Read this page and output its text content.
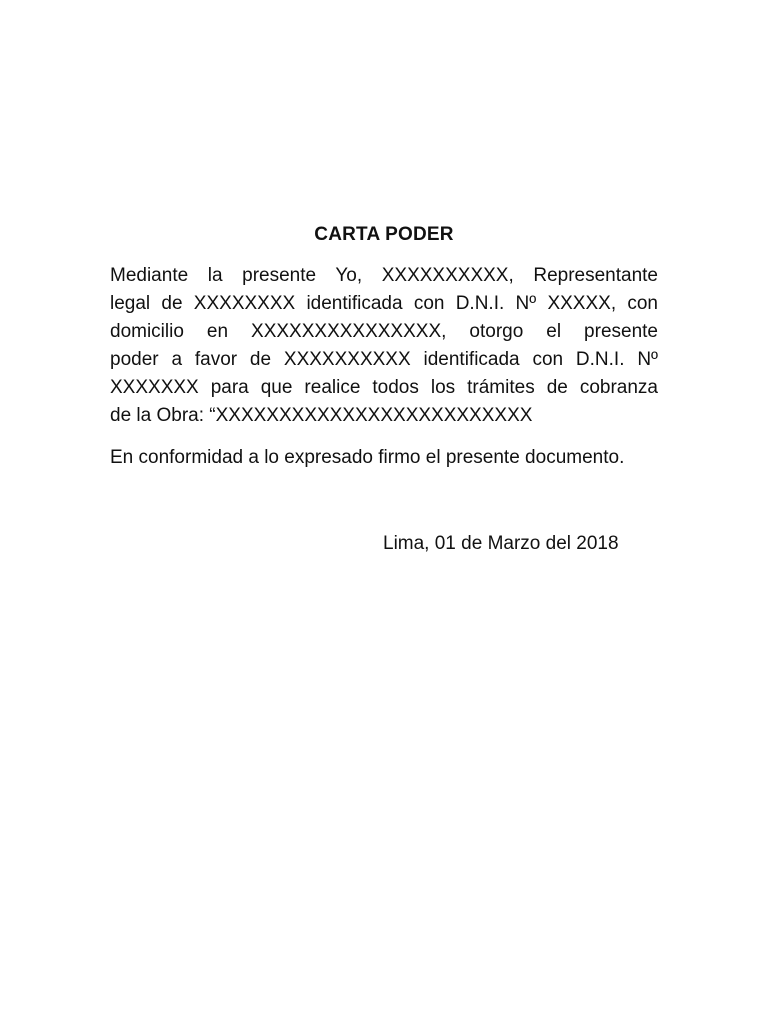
CARTA PODER

Mediante la presente Yo, XXXXXXXXXX, Representante
legal de XXXXXXXX identificada con D.N.I. Nº XXXXX, con
domicilio en XXXXXXXXXXXXXXX, otorgo el presente
poder a favor de XXXXXXXXXX identificada con D.N.I. Nº
XXXXXXX para que realice todos los trámites de cobranza
de la Obra: “XXXXXXXXXXXXXXXXXXXXXXXXX

En conformidad a lo expresado firmo el presente documento.

Lima, 01 de Marzo del 2018
